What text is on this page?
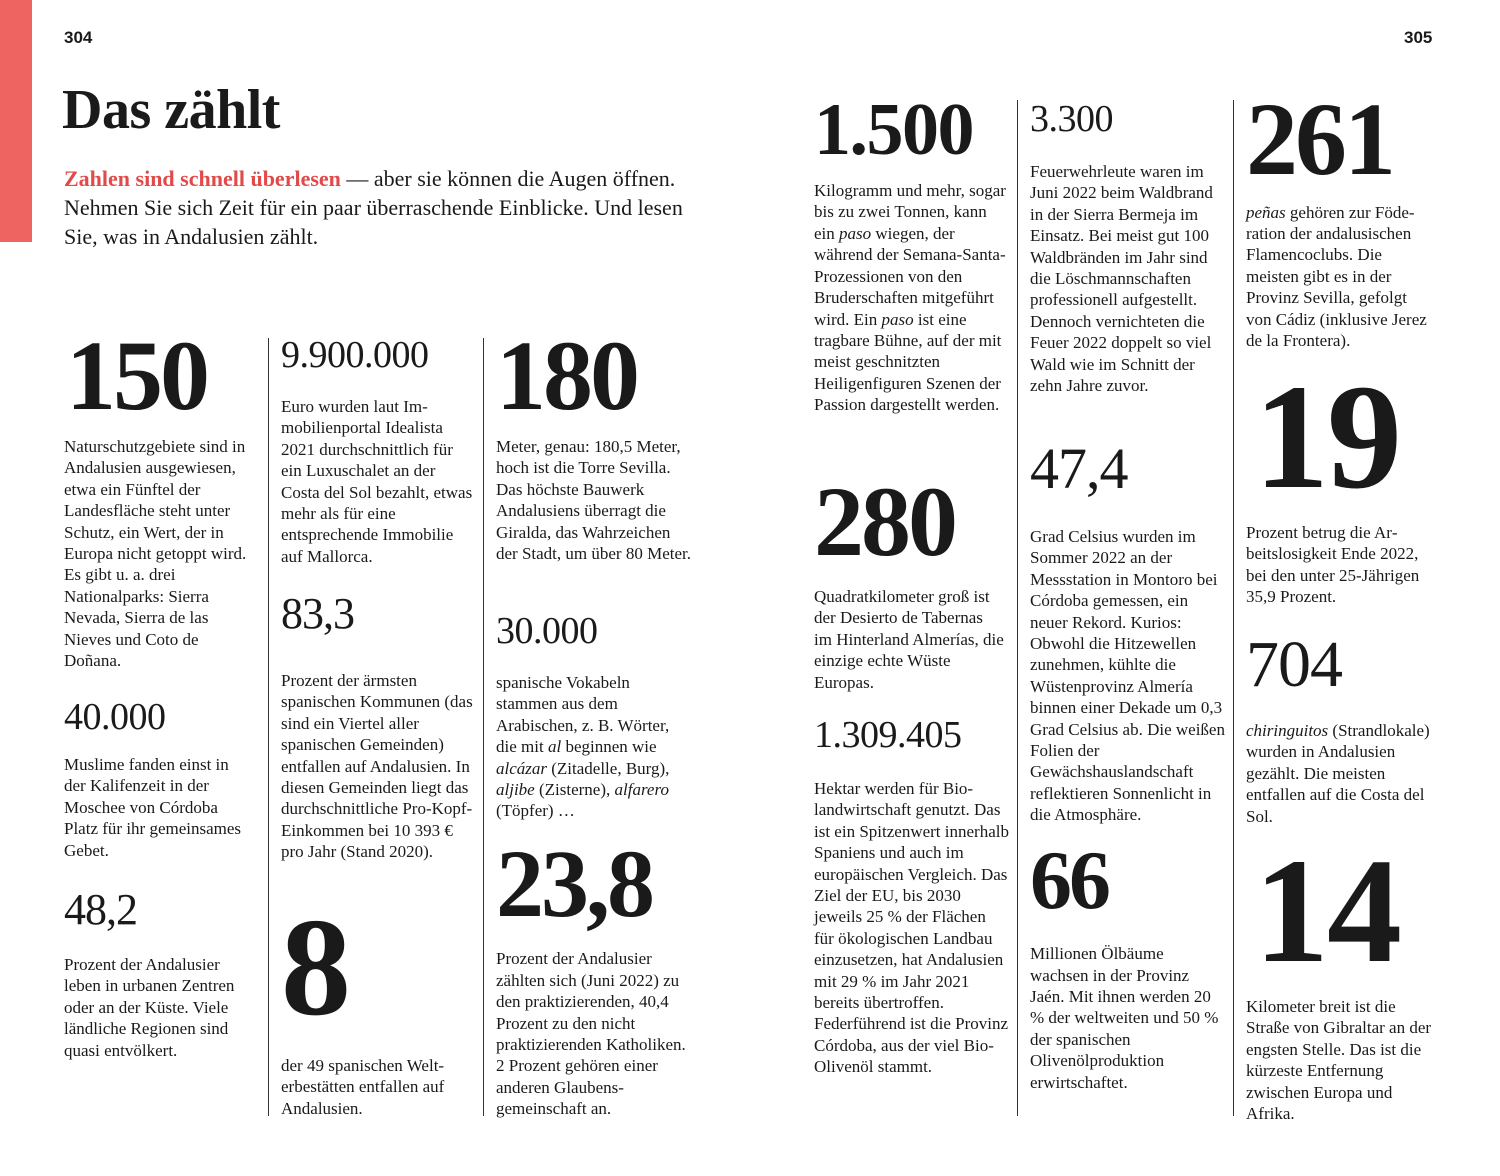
304	305
Das zählt
Zahlen sind schnell überlesen — aber sie können die Augen öffnen. Nehmen Sie sich Zeit für ein paar überraschende Einblicke. Und lesen Sie, was in Andalusien zählt.
150
Naturschutzgebiete sind in Andalusien ausgewiesen, etwa ein Fünftel der Landesfläche steht unter Schutz, ein Wert, der in Europa nicht getoppt wird. Es gibt u. a. drei Nationalparks: Sierra Nevada, Sierra de las Nieves und Coto de Doñana.
40.000
Muslime fanden einst in der Kalifenzeit in der Moschee von Córdoba Platz für ihr gemeinsames Gebet.
48,2
Prozent der Andalusier leben in urbanen Zentren oder an der Küste. Viele ländliche Regionen sind quasi entvölkert.
9.900.000
Euro wurden laut Immobilienportal Idealista 2021 durchschnittlich für ein Luxuschalet an der Costa del Sol bezahlt, etwas mehr als für eine entsprechende Immobilie auf Mallorca.
83,3
Prozent der ärmsten spanischen Kommunen (das sind ein Viertel aller spanischen Gemeinden) entfallen auf Andalusien. In diesen Gemeinden liegt das durchschnittliche Pro-Kopf-Einkommen bei 10 393 € pro Jahr (Stand 2020).
8
der 49 spanischen Welterbestätten entfallen auf Andalusien.
180
Meter, genau: 180,5 Meter, hoch ist die Torre Sevilla. Das höchste Bauwerk Andalusiens überragt die Giralda, das Wahrzeichen der Stadt, um über 80 Meter.
30.000
spanische Vokabeln stammen aus dem Arabischen, z. B. Wörter, die mit al beginnen wie alcázar (Zitadelle, Burg), aljibe (Zisterne), alfarero (Töpfer) …
23,8
Prozent der Andalusier zählten sich (Juni 2022) zu den praktizierenden, 40,4 Prozent zu den nicht praktizierenden Katholiken. 2 Prozent gehören einer anderen Glaubensgemeinschaft an.
1.500
Kilogramm und mehr, sogar bis zu zwei Tonnen, kann ein paso wiegen, der während der Semana-Santa-Prozessionen von den Bruderschaften mitgeführt wird. Ein paso ist eine tragbare Bühne, auf der mit meist geschnitzten Heiligenfiguren Szenen der Passion dargestellt werden.
280
Quadratkilometer groß ist der Desierto de Tabernas im Hinterland Almerías, die einzige echte Wüste Europas.
1.309.405
Hektar werden für Biolandwirtschaft genutzt. Das ist ein Spitzenwert innerhalb Spaniens und auch im europäischen Vergleich. Das Ziel der EU, bis 2030 jeweils 25 % der Flächen für ökologischen Landbau einzusetzen, hat Andalusien mit 29 % im Jahr 2021 bereits übertroffen. Federführend ist die Provinz Córdoba, aus der viel Bio-Olivenöl stammt.
3.300
Feuerwehrleute waren im Juni 2022 beim Waldbrand in der Sierra Bermeja im Einsatz. Bei meist gut 100 Waldbränden im Jahr sind die Löschmannschaften professionell aufgestellt. Dennoch vernichteten die Feuer 2022 doppelt so viel Wald wie im Schnitt der zehn Jahre zuvor.
47,4
Grad Celsius wurden im Sommer 2022 an der Messstation in Montoro bei Córdoba gemessen, ein neuer Rekord. Kurios: Obwohl die Hitzewellen zunehmen, kühlte die Wüstenprovinz Almería binnen einer Dekade um 0,3 Grad Celsius ab. Die weißen Folien der Gewächshauslandschaft reflektieren Sonnenlicht in die Atmosphäre.
66
Millionen Ölbäume wachsen in der Provinz Jaén. Mit ihnen werden 20 % der weltweiten und 50 % der spanischen Olivenölproduktion erwirtschaftet.
261
peñas gehören zur Föderation der andalusischen Flamencoclubs. Die meisten gibt es in der Provinz Sevilla, gefolgt von Cádiz (inklusive Jerez de la Frontera).
19
Prozent betrug die Arbeitslosigkeit Ende 2022, bei den unter 25-Jährigen 35,9 Prozent.
704
chiringuitos (Strandlokale) wurden in Andalusien gezählt. Die meisten entfallen auf die Costa del Sol.
14
Kilometer breit ist die Straße von Gibraltar an der engsten Stelle. Das ist die kürzeste Entfernung zwischen Europa und Afrika.
